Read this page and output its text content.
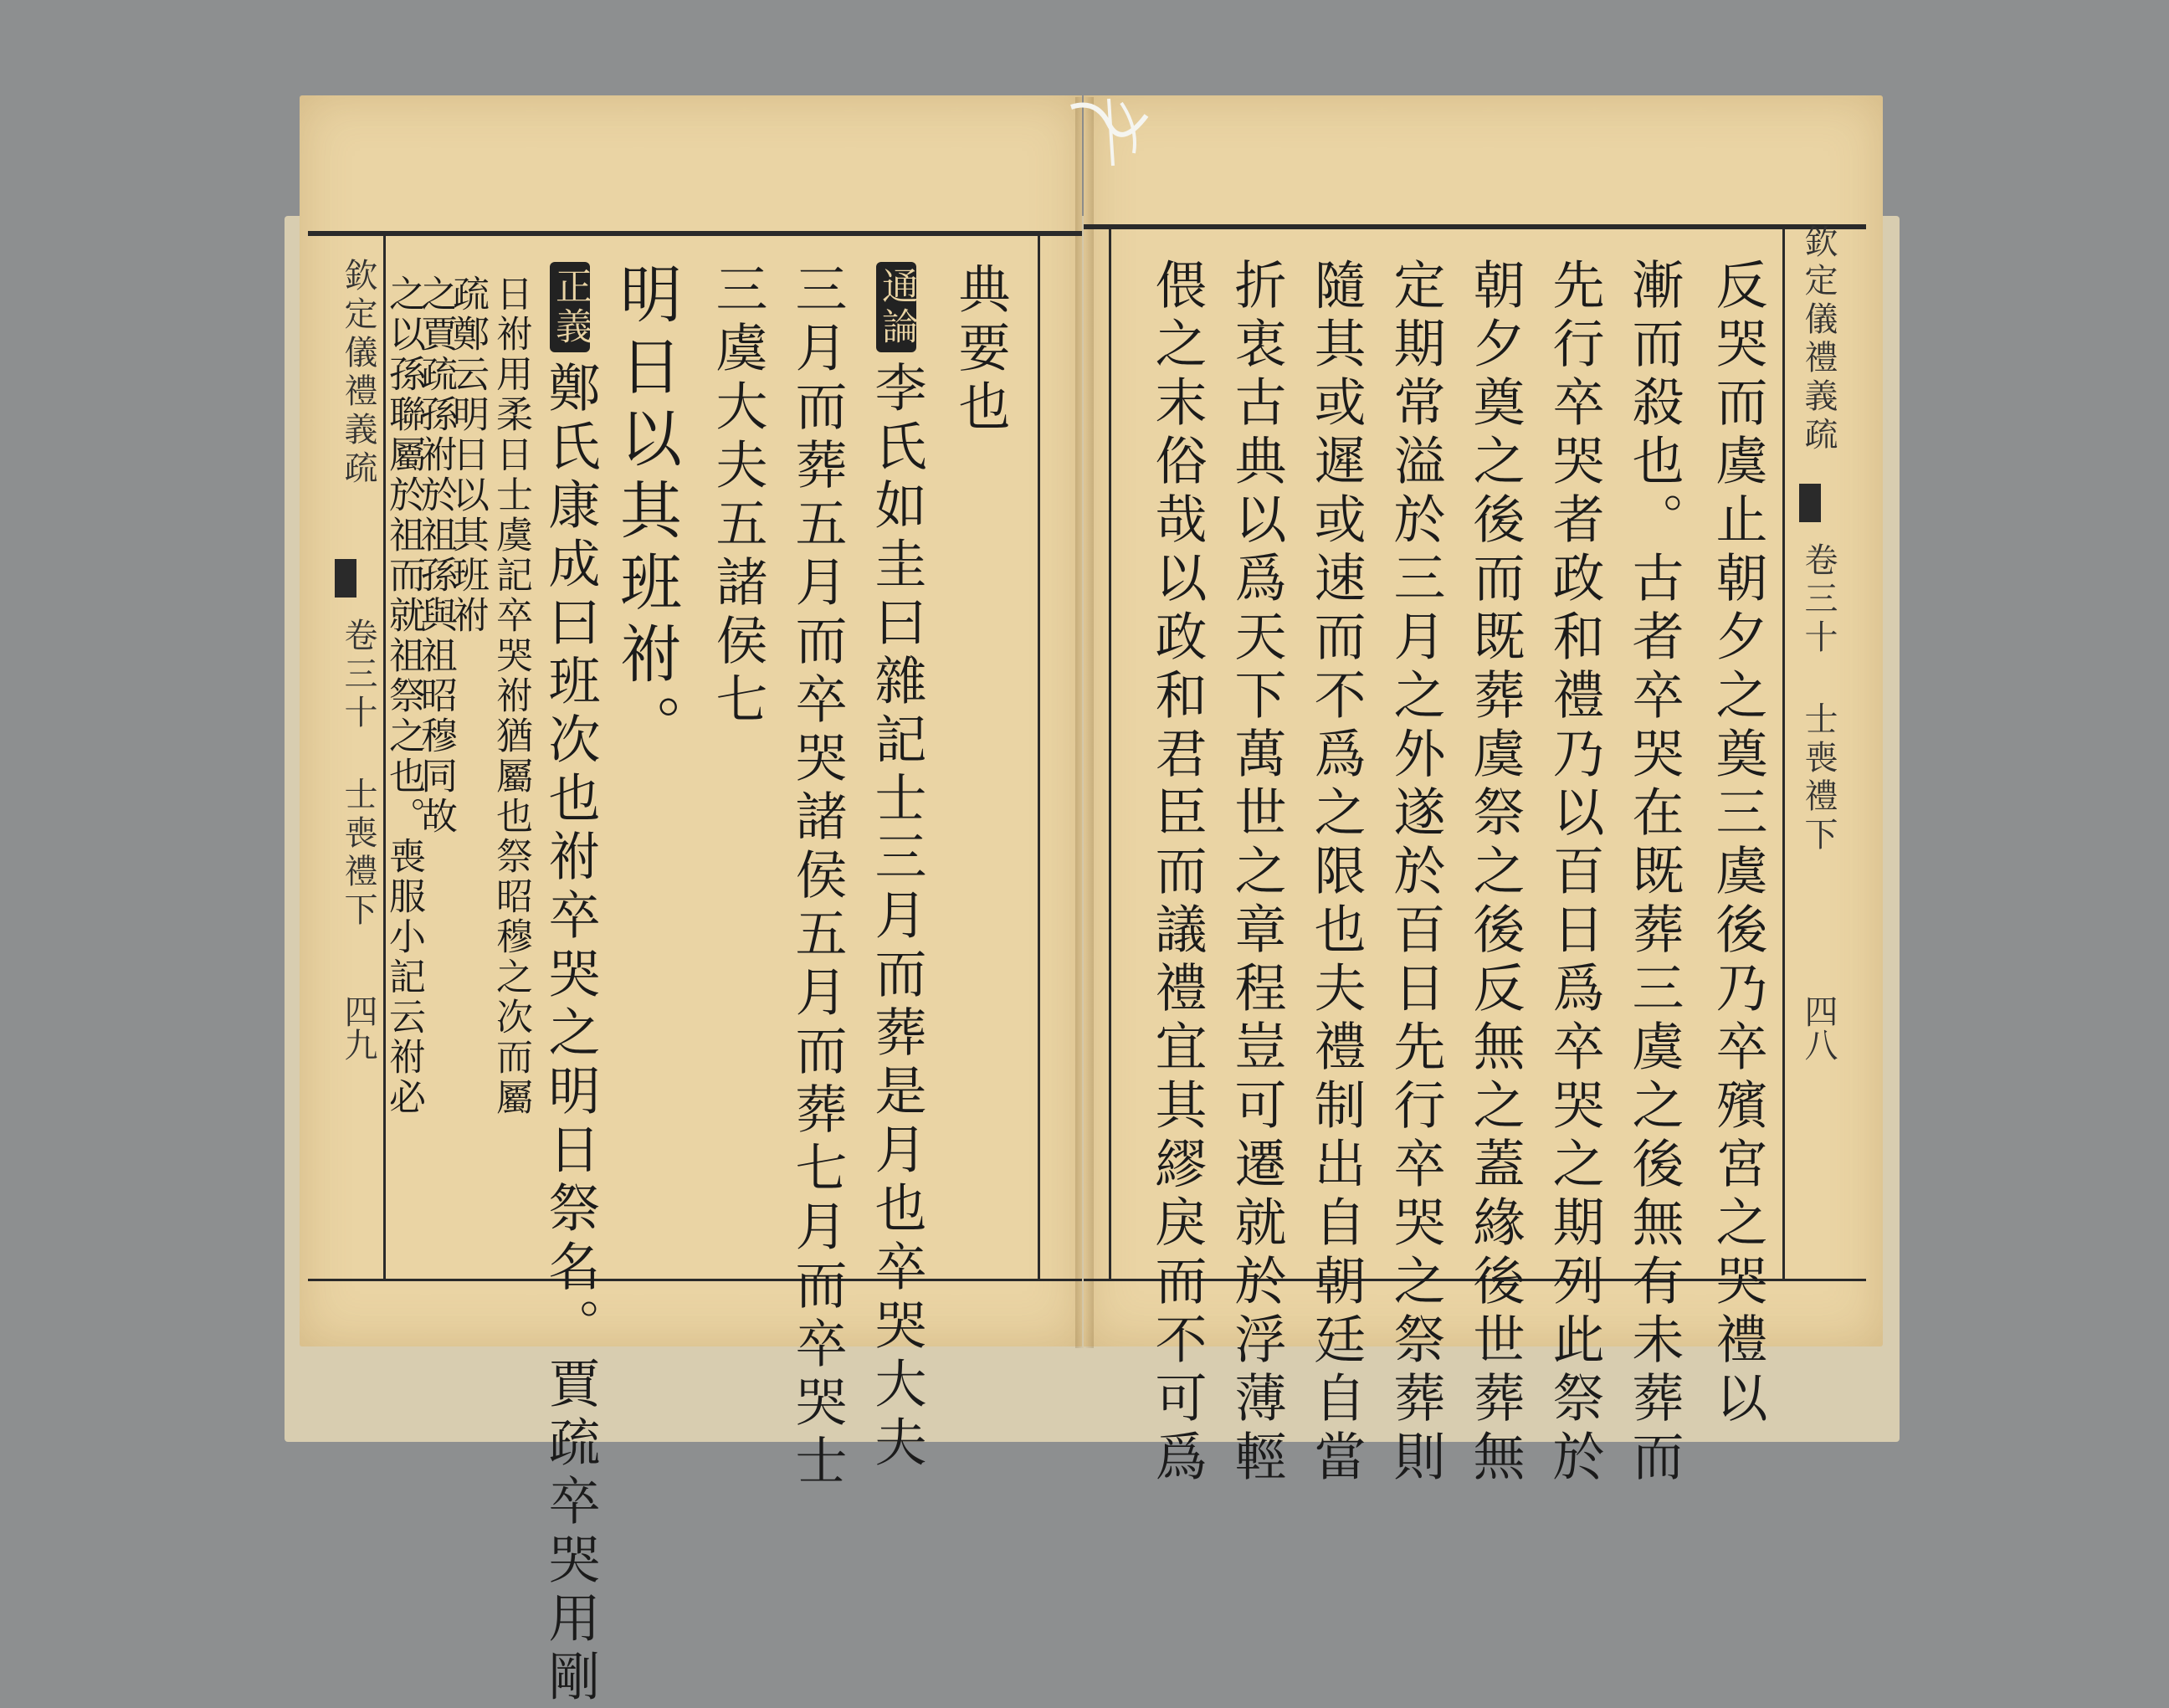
欽定儀禮義疏
卷三十
士喪禮下
四九
典要也
通論李氏如圭曰雜記士三月而葬是月也卒哭大夫
三月而葬五月而卒哭諸侯五月而葬七月而卒哭士
三虞大夫五諸侯七
明日以其班祔。
正義鄭氏康成曰班次也祔卒哭之明日祭名。賈疏卒哭用剛
日祔用柔日士虞記卒哭祔猶屬也祭昭穆之次而屬
疏鄭云明日以其班祔
之賈疏孫祔於祖孫與祖昭穆同故
之以孫聯屬於祖而就祖祭之也。喪服小記云祔必	欽定儀禮義疏
卷三十
士喪禮下
四八
反哭而虞止朝夕之奠三虞後乃卒殯宮之哭禮以
漸而殺也。古者卒哭在既葬三虞之後無有未葬而
先行卒哭者政和禮乃以百日爲卒哭之期列此祭於
朝夕奠之後而既葬虞祭之後反無之蓋緣後世葬無
定期常溢於三月之外遂於百日先行卒哭之祭葬則
隨其或遲或速而不爲之限也夫禮制出自朝廷自當
折衷古典以爲天下萬世之章程豈可遷就於浮薄輕
偎之末俗哉以政和君臣而議禮宜其繆戾而不可爲
